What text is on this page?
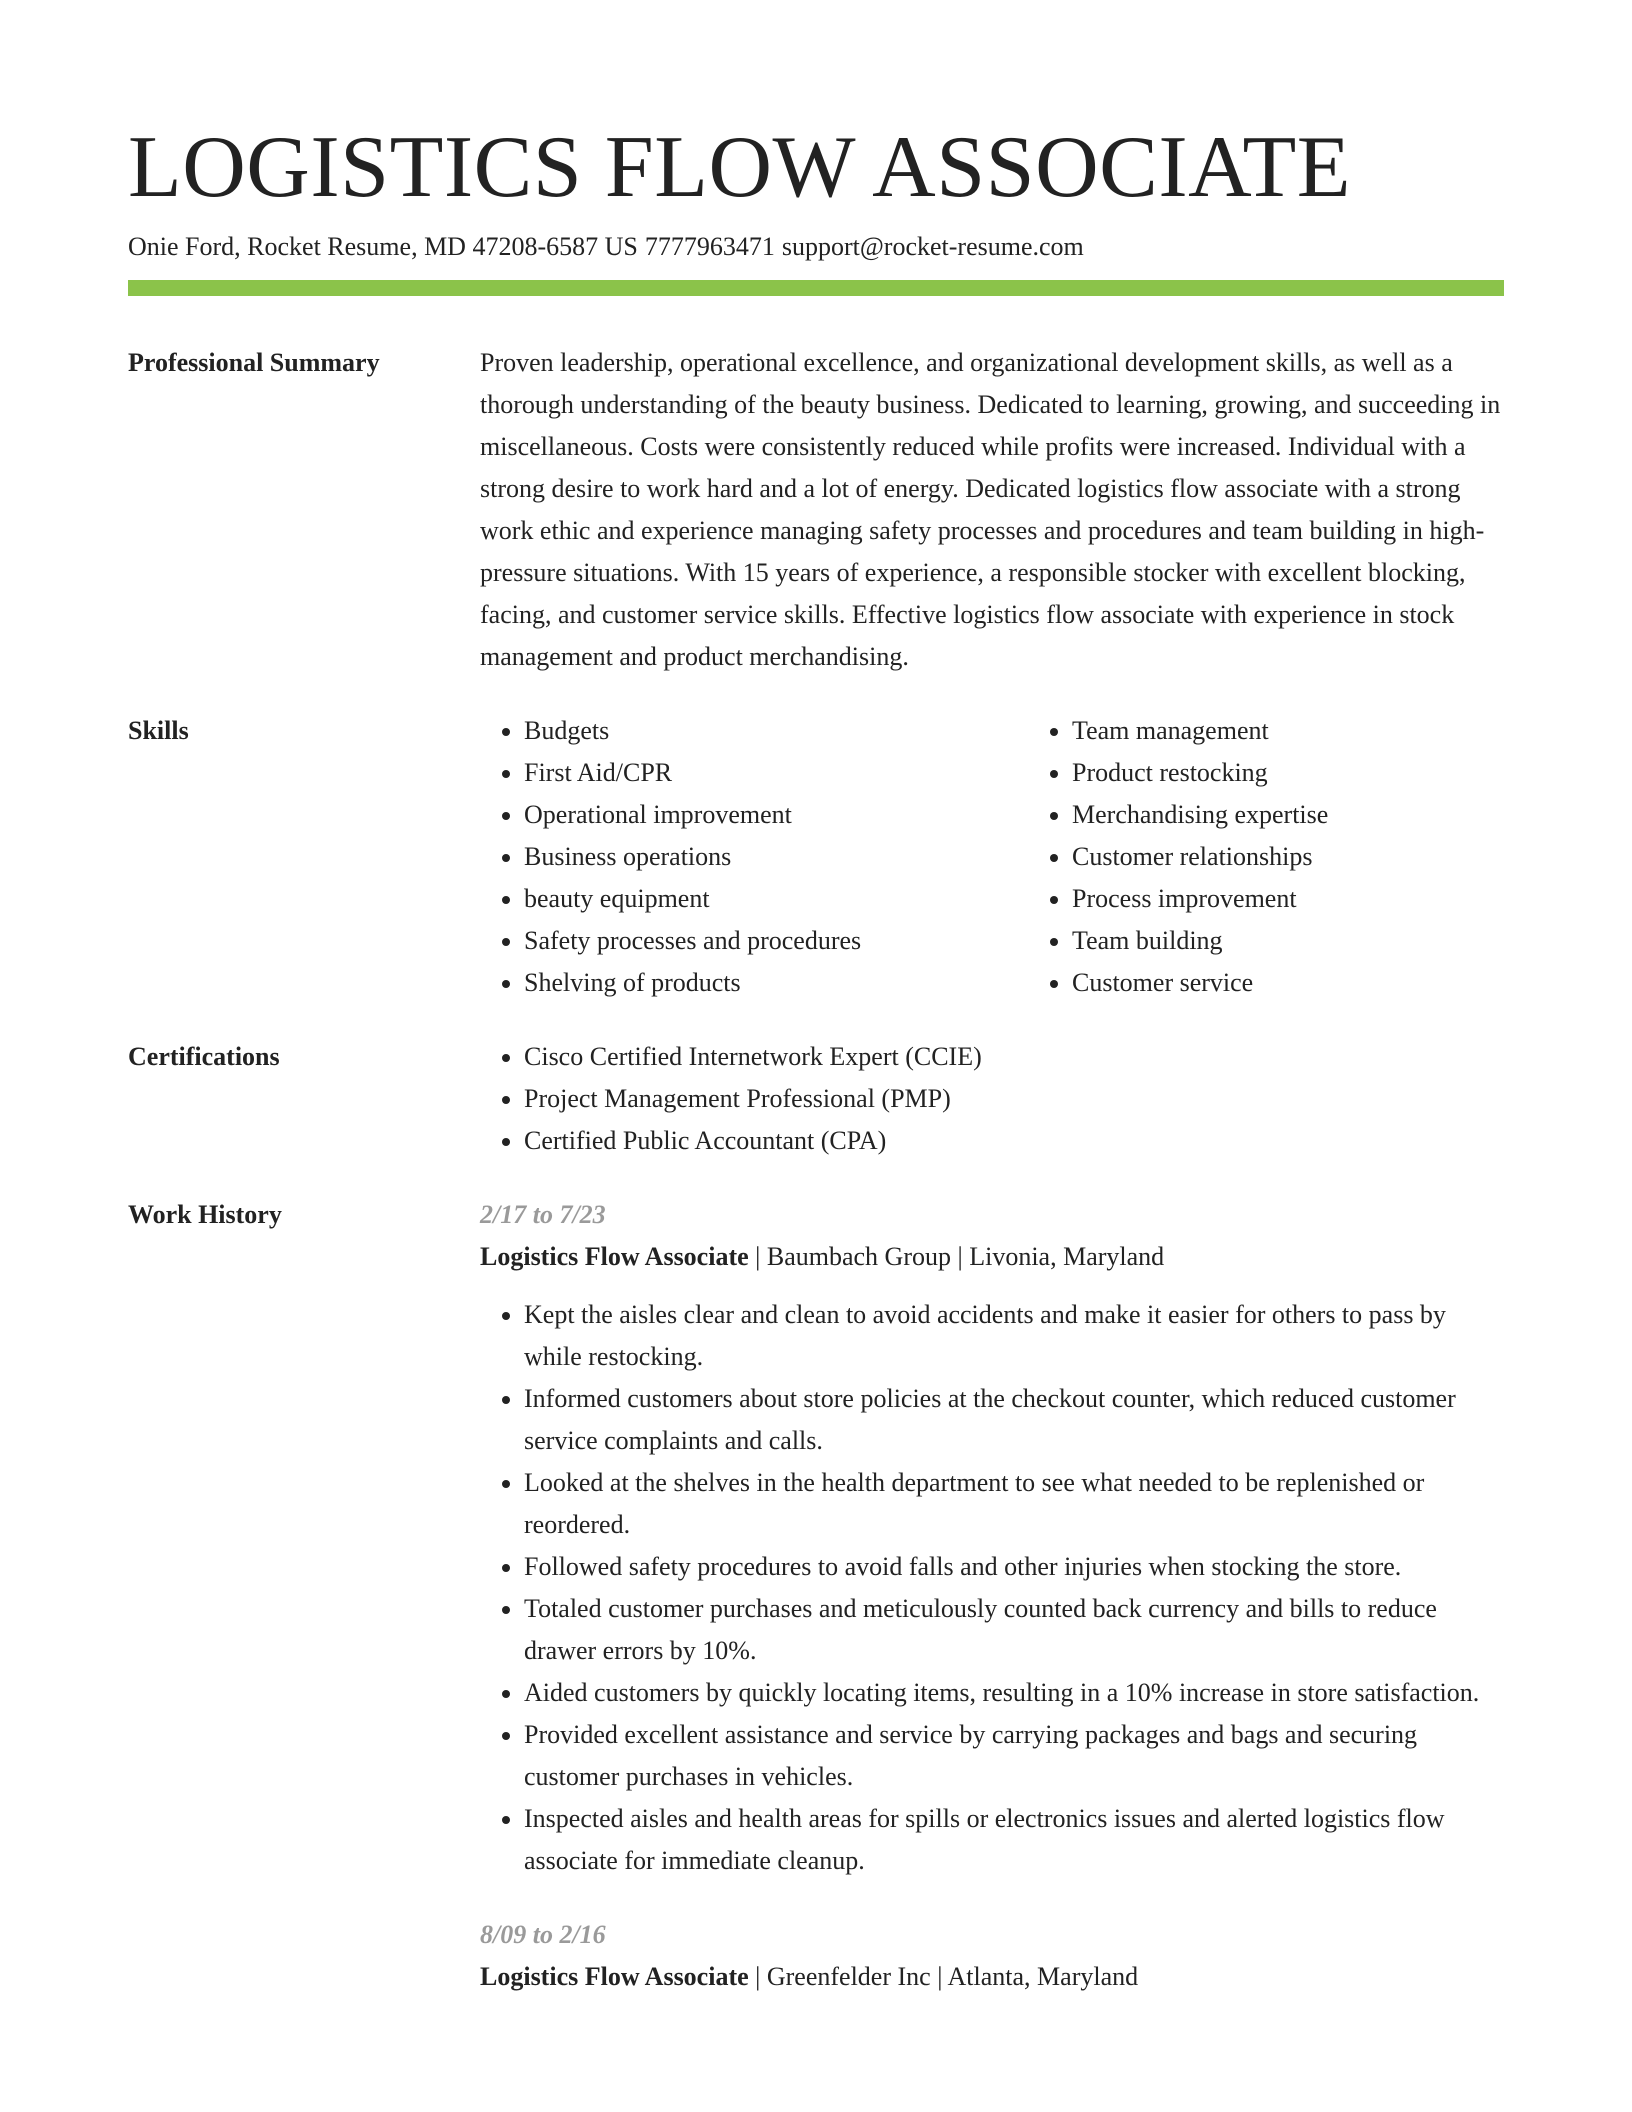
LOGISTICS FLOW ASSOCIATE
Onie Ford, Rocket Resume, MD 47208-6587 US 7777963471 support@rocket-resume.com
Professional Summary	Proven leadership, operational excellence, and organizational development skills, as well as a thorough understanding of the beauty business. Dedicated to learning, growing, and succeeding in miscellaneous. Costs were consistently reduced while profits were increased. Individual with a strong desire to work hard and a lot of energy. Dedicated logistics flow associate with a strong work ethic and experience managing safety processes and procedures and team building in high-pressure situations. With 15 years of experience, a responsible stocker with excellent blocking, facing, and customer service skills. Effective logistics flow associate with experience in stock management and product merchandising.

Skills	• Budgets
• First Aid/CPR
• Operational improvement
• Business operations
• beauty equipment
• Safety processes and procedures
• Shelving of products
• Team management
• Product restocking
• Merchandising expertise
• Customer relationships
• Process improvement
• Team building
• Customer service
Certifications	• Cisco Certified Internetwork Expert (CCIE)
• Project Management Professional (PMP)
• Certified Public Accountant (CPA)
Work History	2/17 to 7/23
Logistics Flow Associate | Baumbach Group | Livonia, Maryland
• Kept the aisles clear and clean to avoid accidents and make it easier for others to pass by while restocking.
• Informed customers about store policies at the checkout counter, which reduced customer service complaints and calls.
• Looked at the shelves in the health department to see what needed to be replenished or reordered.
• Followed safety procedures to avoid falls and other injuries when stocking the store.
• Totaled customer purchases and meticulously counted back currency and bills to reduce drawer errors by 10%.
• Aided customers by quickly locating items, resulting in a 10% increase in store satisfaction.
• Provided excellent assistance and service by carrying packages and bags and securing customer purchases in vehicles.
• Inspected aisles and health areas for spills or electronics issues and alerted logistics flow associate for immediate cleanup.
8/09 to 2/16
Logistics Flow Associate | Greenfelder Inc | Atlanta, Maryland
